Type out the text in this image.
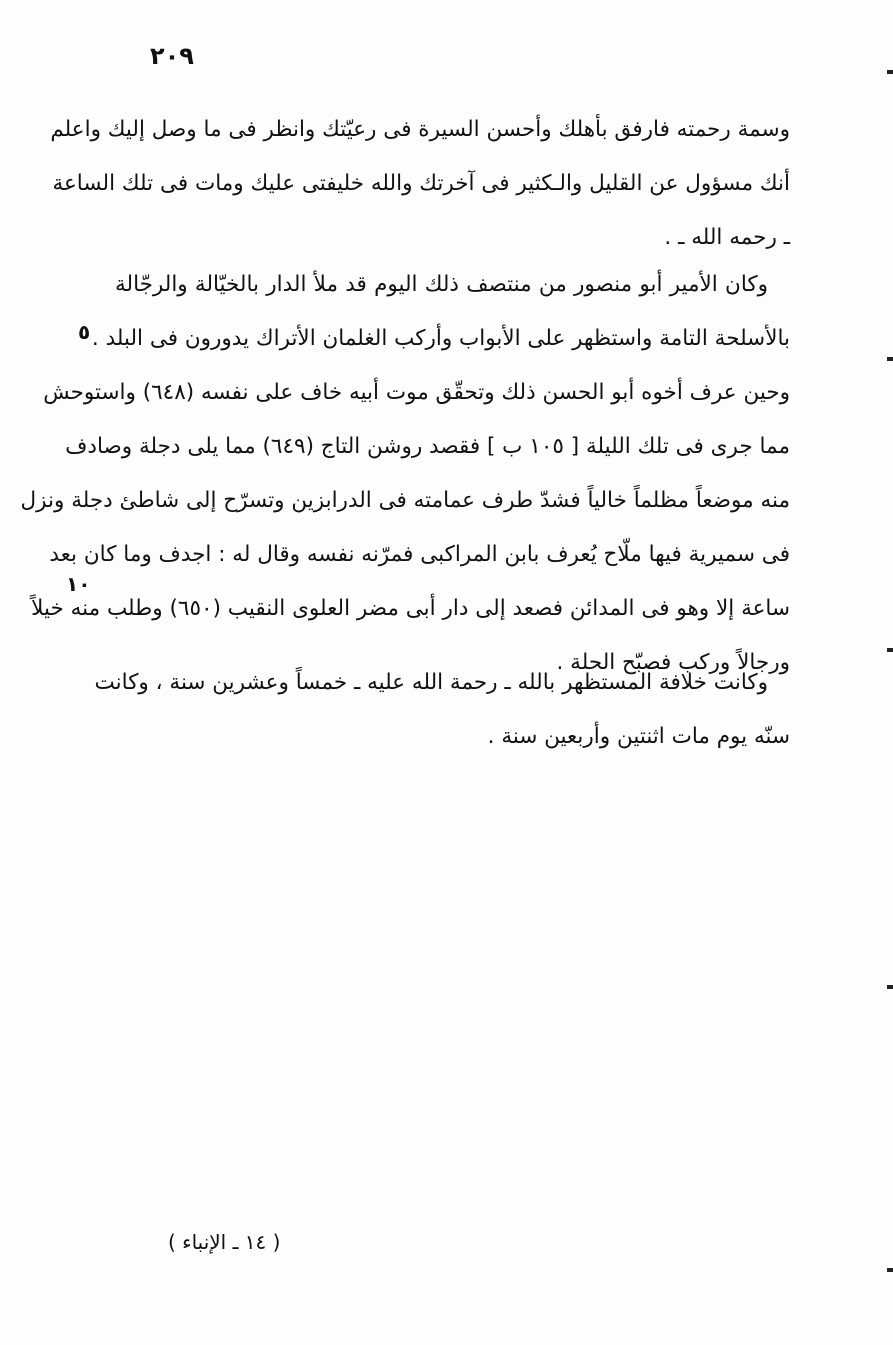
٢٠٩
وسمة رحمته فارفق بأهلك وأحسن السيرة فى رعيّتك وانظر فى ما وصل إليك واعلم
أنك مسؤول عن القليل والـكثير فى آخرتك والله خليفتى عليك ومات فى تلك الساعة
ـ رحمه الله ـ .
وكان الأمير أبو منصور من منتصف ذلك اليوم قد ملأ الدار بالخيّالة والرجّالة
بالأسلحة التامة واستظهر على الأبواب وأركب الغلمان الأتراك يدورون فى البلد .
وحين عرف أخوه أبو الحسن ذلك وتحقّق موت أبيه خاف على نفسه (٦٤٨) واستوحش
مما جرى فى تلك الليلة [ ١٠٥ ب ] فقصد روشن التاج (٦٤٩) مما يلى دجلة وصادف
منه موضعاً مظلماً خالياً فشدّ طرف عمامته فى الدرابزين وتسرّح إلى شاطئ دجلة ونزل
فى سميرية فيها ملّاح يُعرف بابن المراكبى فمرّنه نفسه وقال له : اجدف وما كان بعد
ساعة إلا وهو فى المدائن فصعد إلى دار أبى مضر العلوى النقيب (٦٥٠) وطلب منه خيلاً
ورجالاً وركب فصبّح الحلة .
وكانت خلافة المستظهر بالله ـ رحمة الله عليه ـ خمساً وعشرين سنة ، وكانت
سنّه يوم مات اثنتين وأربعين سنة .
٥
١٠
( ١٤ ـ الإنباء )
